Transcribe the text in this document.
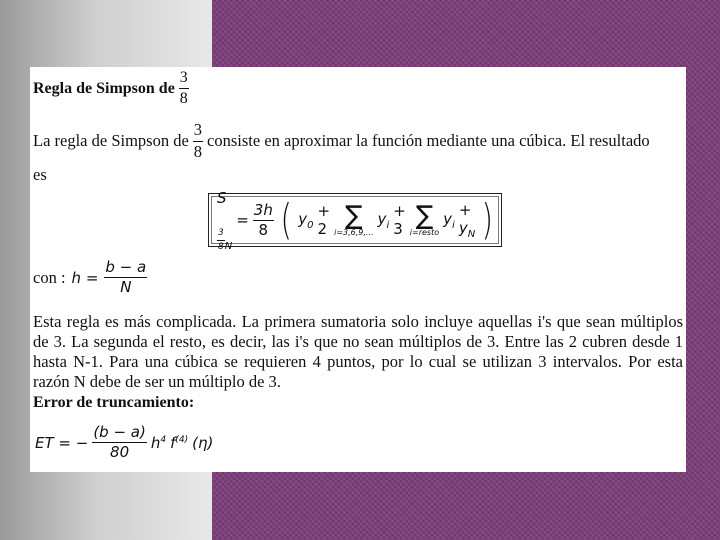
Regla de Simpson de $\frac{3}{8}$
La regla de Simpson de $\frac{3}{8}$ consiste en aproximar la función mediante una cúbica. El resultado
es
S
$\frac{3}{8}$ N
= $\frac{3h}{8}$ ( $y_0$
+ 2 ∑
i=3,6,9,...
$y_i$
+ 3 ∑
i=resto
$y_i$
+ $y_N$ )
con : $h = \frac{b - a}{N}$
Esta regla es más complicada. La primera sumatoria solo incluye aquellas i's que sean múltiplos de 3. La segunda el resto, es decir, las i's que no sean múltiplos de 3. Entre las 2 cubren desde 1 hasta N-1. Para una cúbica se requieren 4 puntos, por lo cual se utilizan 3 intervalos. Por esta razón N debe de ser un múltiplo de 3.
Error de truncamiento:
ET = − $\frac{(b - a)}{80} h^4$ $f^{(4)}$ (η)
